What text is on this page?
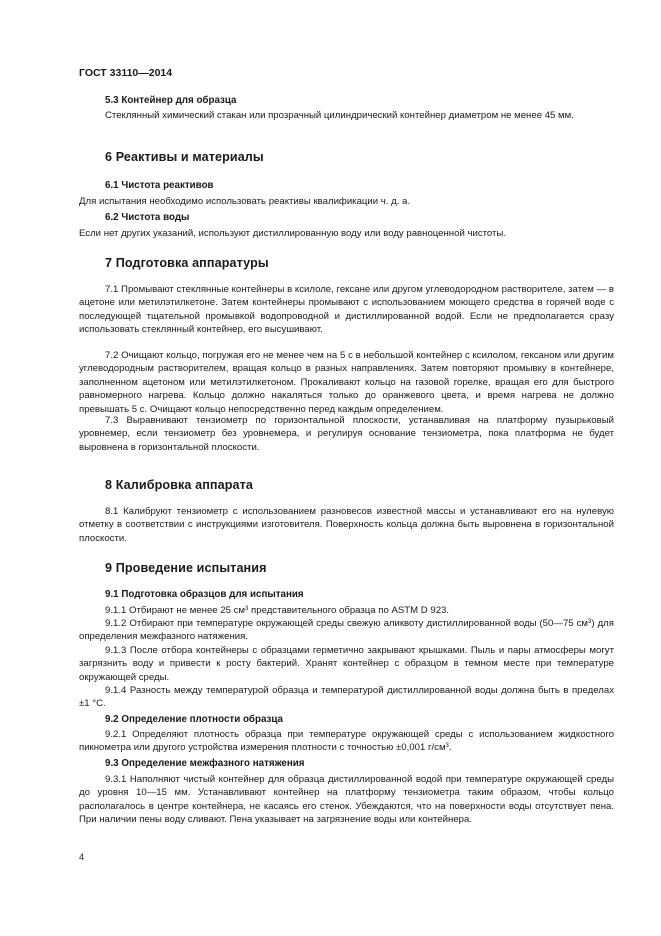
ГОСТ 33110—2014
5.3 Контейнер для образца

Стеклянный химический стакан или прозрачный цилиндрический контейнер диаметром не менее 45 мм.

6 Реактивы и материалы
6.1 Чистота реактивов

Для испытания необходимо использовать реактивы квалификации ч. д. а.

6.2 Чистота воды

Если нет других указаний, используют дистиллированную воду или воду равноценной чистоты.

7 Подготовка аппаратуры

7.1 Промывают стеклянные контейнеры в ксилоле, гексане или другом углеводородном растворителе, затем — в ацетоне или метилэтилкетоне. Затем контейнеры промывают с использованием моющего средства в горячей воде с последующей тщательной промывкой водопроводной и дистиллированной водой. Если не предполагается сразу использовать стеклянный контейнер, его высушивают.

7.2 Очищают кольцо, погружая его не менее чем на 5 с в небольшой контейнер с ксилолом, гексаном или другим углеводородным растворителем, вращая кольцо в разных направлениях. Затем повторяют промывку в контейнере, заполненном ацетоном или метилэтилкетоном. Прокаливают кольцо на газовой горелке, вращая его для быстрого равномерного нагрева. Кольцо должно накаляться только до оранжевого цвета, и время нагрева не должно превышать 5 с. Очищают кольцо непосредственно перед каждым определением.

7.3 Выравнивают тензиометр по горизонтальной плоскости, устанавливая на платформу пузырьковый уровнемер, если тензиометр без уровнемера, и регулируя основание тензиометра, пока платформа не будет выровнена в горизонтальной плоскости.

8 Калибровка аппарата

8.1 Калибруют тензиометр с использованием разновесов известной массы и устанавливают его на нулевую отметку в соответствии с инструкциями изготовителя. Поверхность кольца должна быть выровнена в горизонтальной плоскости.

9 Проведение испытания
9.1 Подготовка образцов для испытания

9.1.1 Отбирают не менее 25 $см^3$ представительного образца по ASTM D 923.

9.1.2 Отбирают при температуре окружающей среды свежую аликвоту дистиллированной воды (50—75 $см^3$) для определения межфазного натяжения.

9.1.3 После отбора контейнеры с образцами герметично закрывают крышками. Пыль и пары атмосферы могут загрязнить воду и привести к росту бактерий. Хранят контейнер с образцом в темном месте при температуре окружающей среды.

9.1.4 Разность между температурой образца и температурой дистиллированной воды должна быть в пределах ±1 °С.

9.2 Определение плотности образца

9.2.1 Определяют плотность образца при температуре окружающей среды с использованием жидкостного пикнометра или другого устройства измерения плотности с точностью ±0,001 $г/см^3$.

9.3 Определение межфазного натяжения

9.3.1 Наполняют чистый контейнер для образца дистиллированной водой при температуре окружающей среды до уровня 10—15 мм. Устанавливают контейнер на платформу тензиометра таким образом, чтобы кольцо располагалось в центре контейнера, не касаясь его стенок. Убеждаются, что на поверхности воды отсутствует пена. При наличии пены воду сливают. Пена указывает на загрязнение воды или контейнера.

4
